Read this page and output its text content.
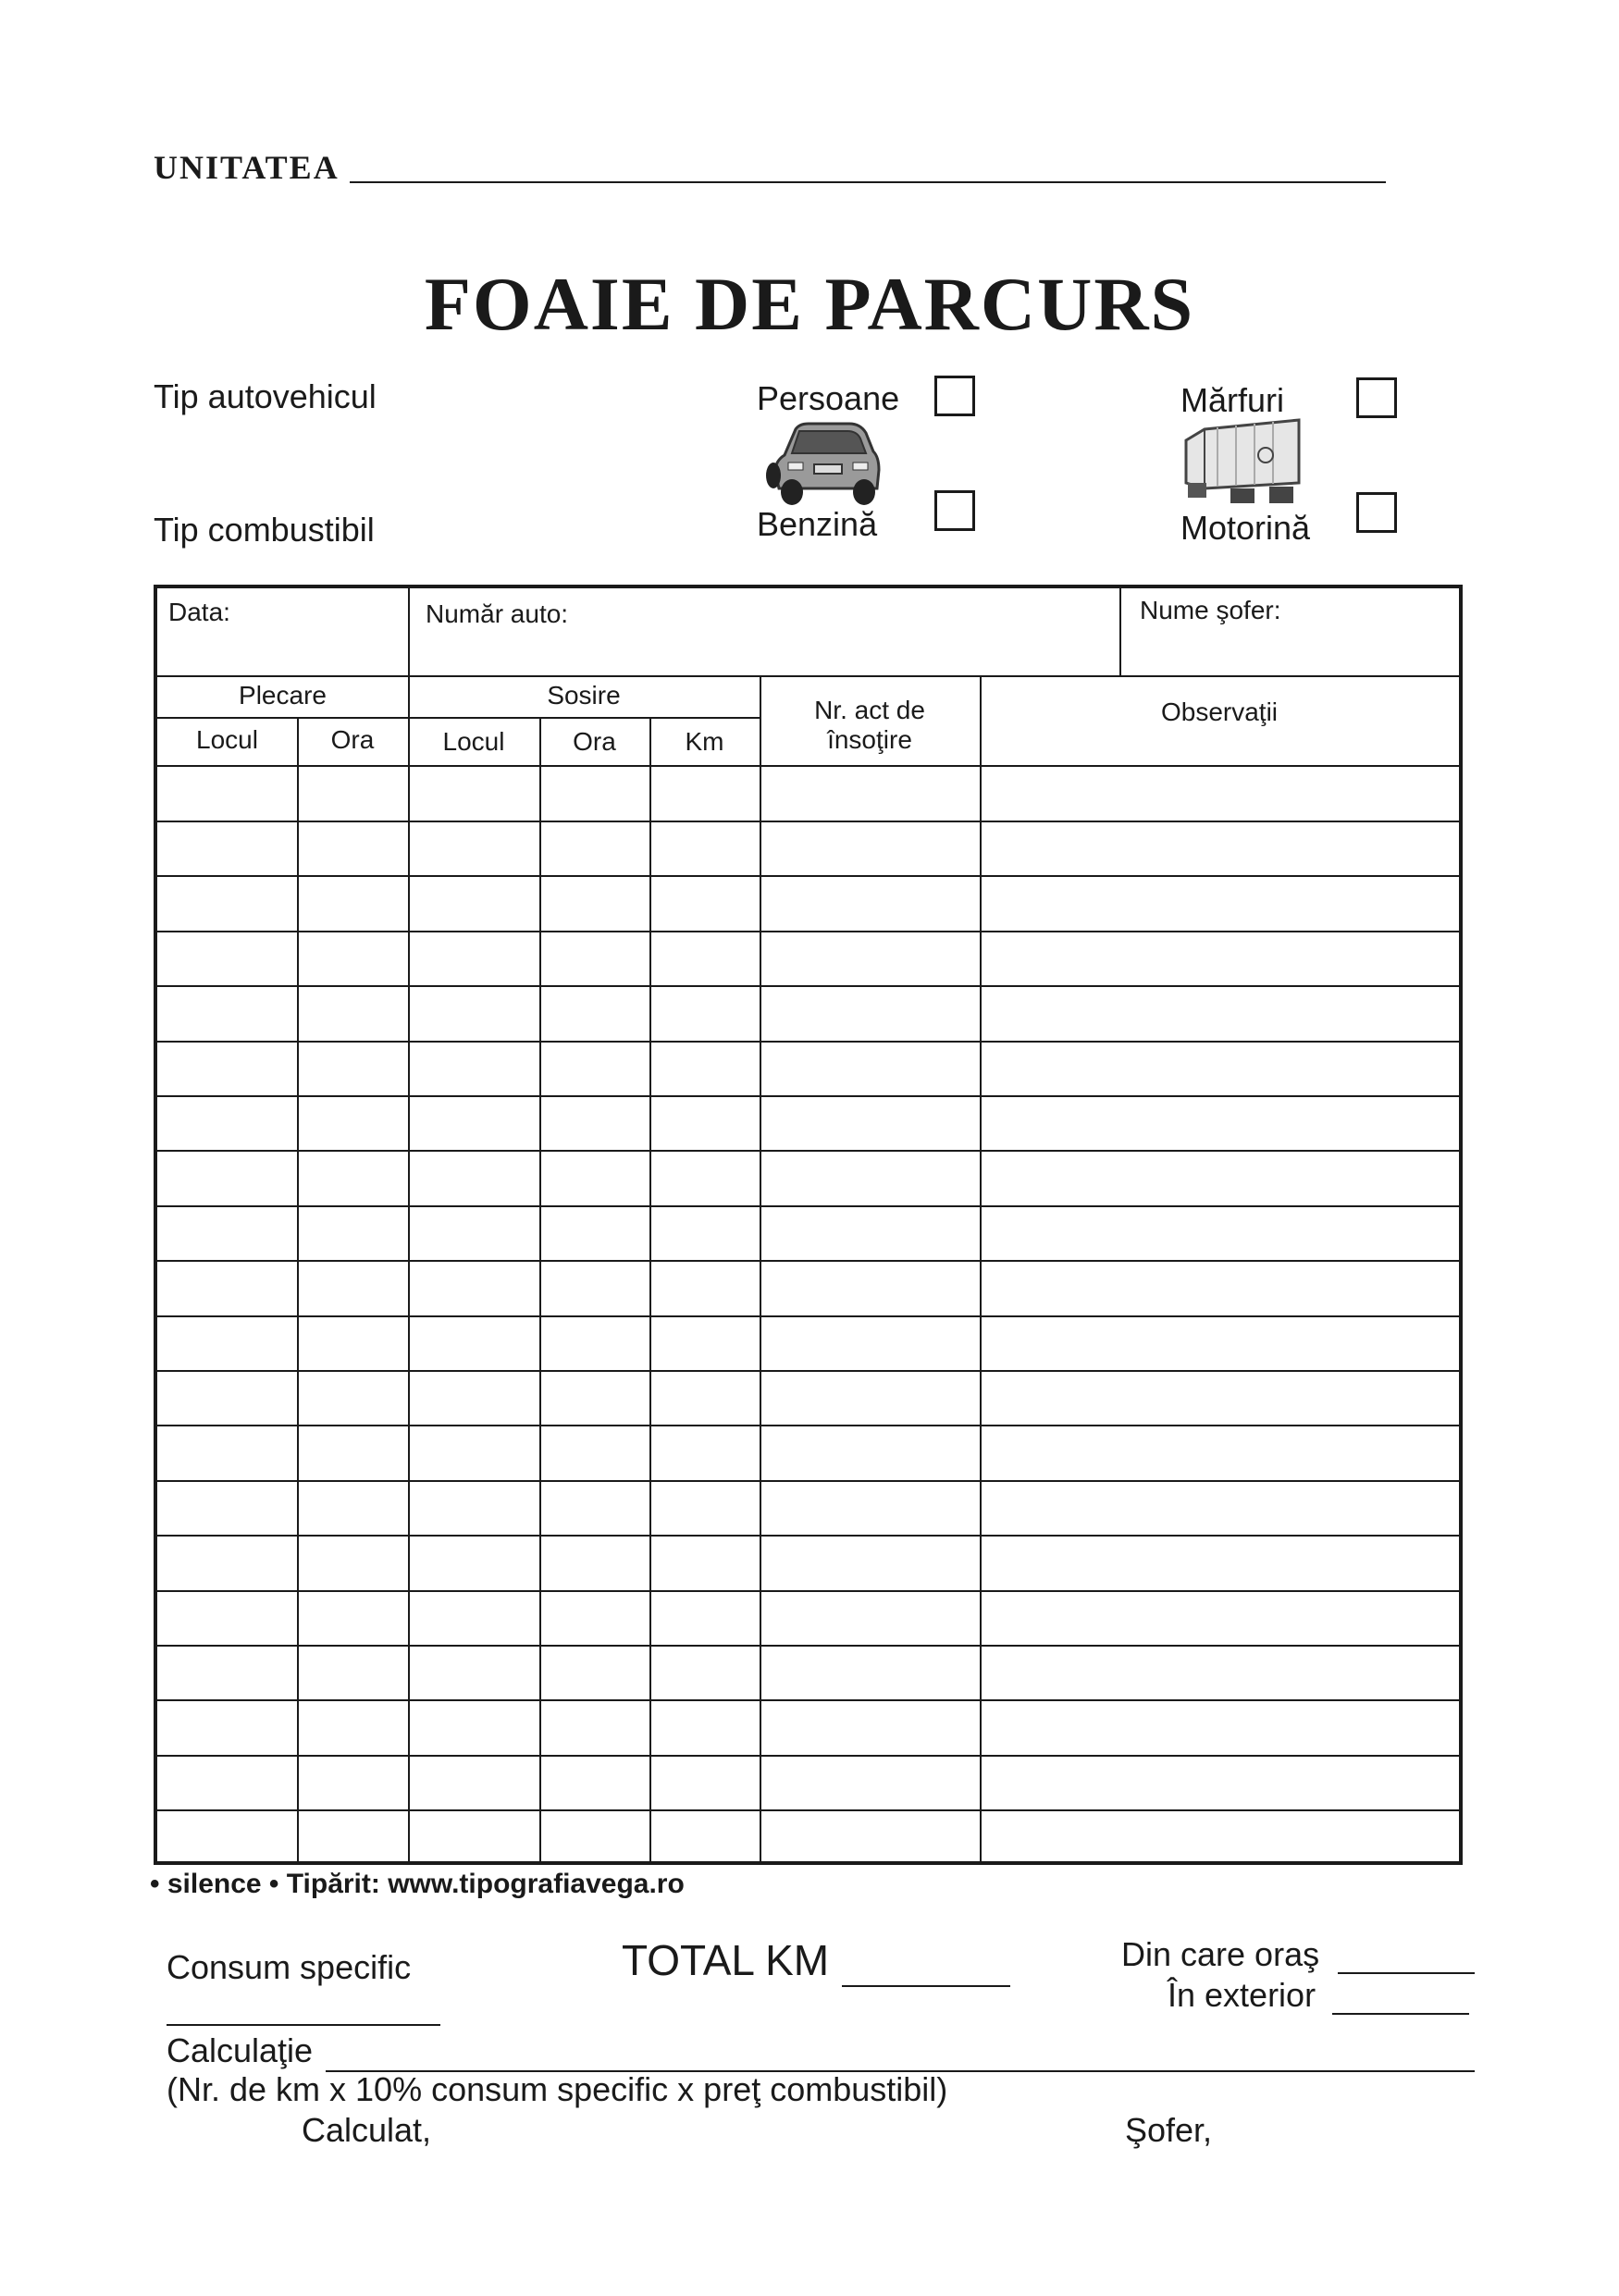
UNITATEA
FOAIE DE PARCURS
Tip autovehicul
Tip combustibil
Persoane	Mărfuri
Benzină	Motorină
Data:	Număr auto:	Nume şofer:
Plecare	Sosire
Locul	Ora	Locul	Ora	Km
Nr. act de
însoţire
Observaţii
• silence • Tipărit: www.tipografiavega.ro
Consum specific	TOTAL KM	Din care oraş
În exterior
Calculaţie
(Nr. de km x 10% consum specific x preţ combustibil)
Calculat,	Şofer,
